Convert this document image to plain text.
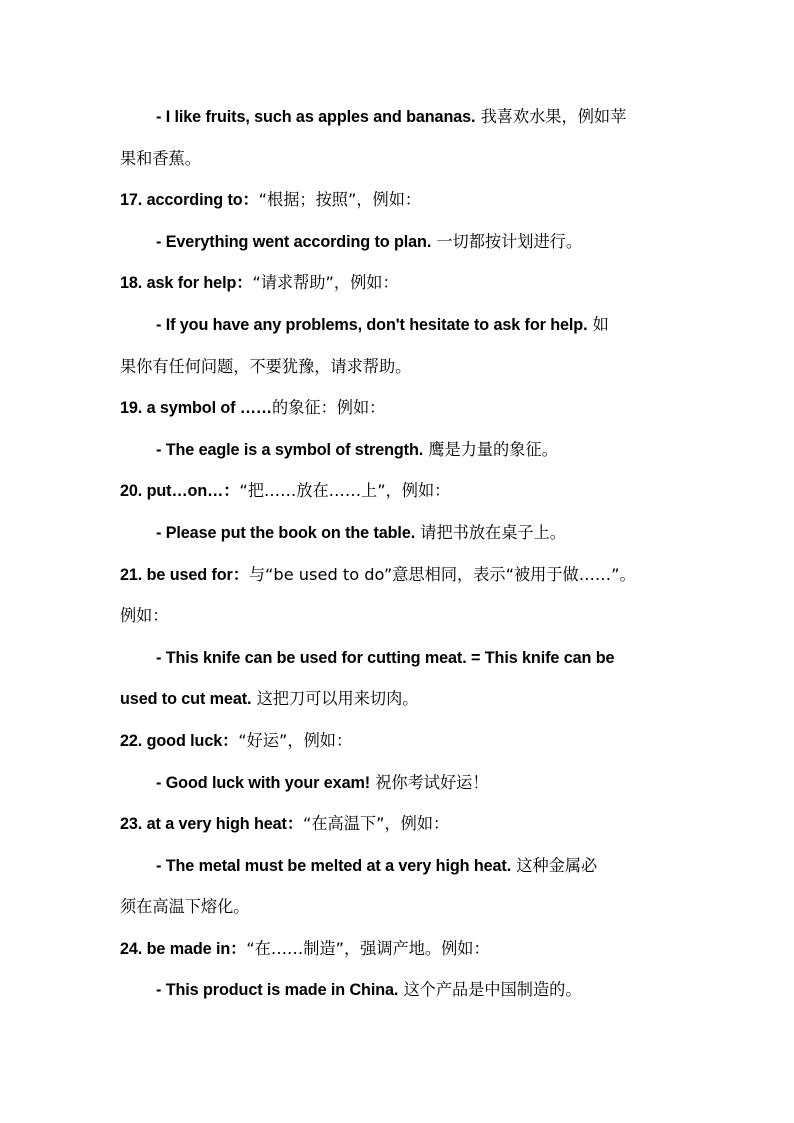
- I like fruits, such as apples and bananas. 我喜欢水果，例如苹
果和香蕉。
17. according to：“根据；按照”，例如：
- Everything went according to plan. 一切都按计划进行。
18. ask for help：“请求帮助”，例如：
- If you have any problems, don't hesitate to ask for help. 如
果你有任何问题，不要犹豫，请求帮助。
19. a symbol of ……的象征：例如：
- The eagle is a symbol of strength. 鹰是力量的象征。
20. put…on…：“把……放在……上”，例如：
- Please put the book on the table. 请把书放在桌子上。
21. be used for：与“be used to do”意思相同，表示“被用于做……”。
例如：
- This knife can be used for cutting meat. = This knife can be
used to cut meat. 这把刀可以用来切肉。
22. good luck：“好运”，例如：
- Good luck with your exam! 祝你考试好运！
23. at a very high heat：“在高温下”，例如：
- The metal must be melted at a very high heat. 这种金属必
须在高温下熔化。
24. be made in：“在……制造”，强调产地。例如：
- This product is made in China. 这个产品是中国制造的。
